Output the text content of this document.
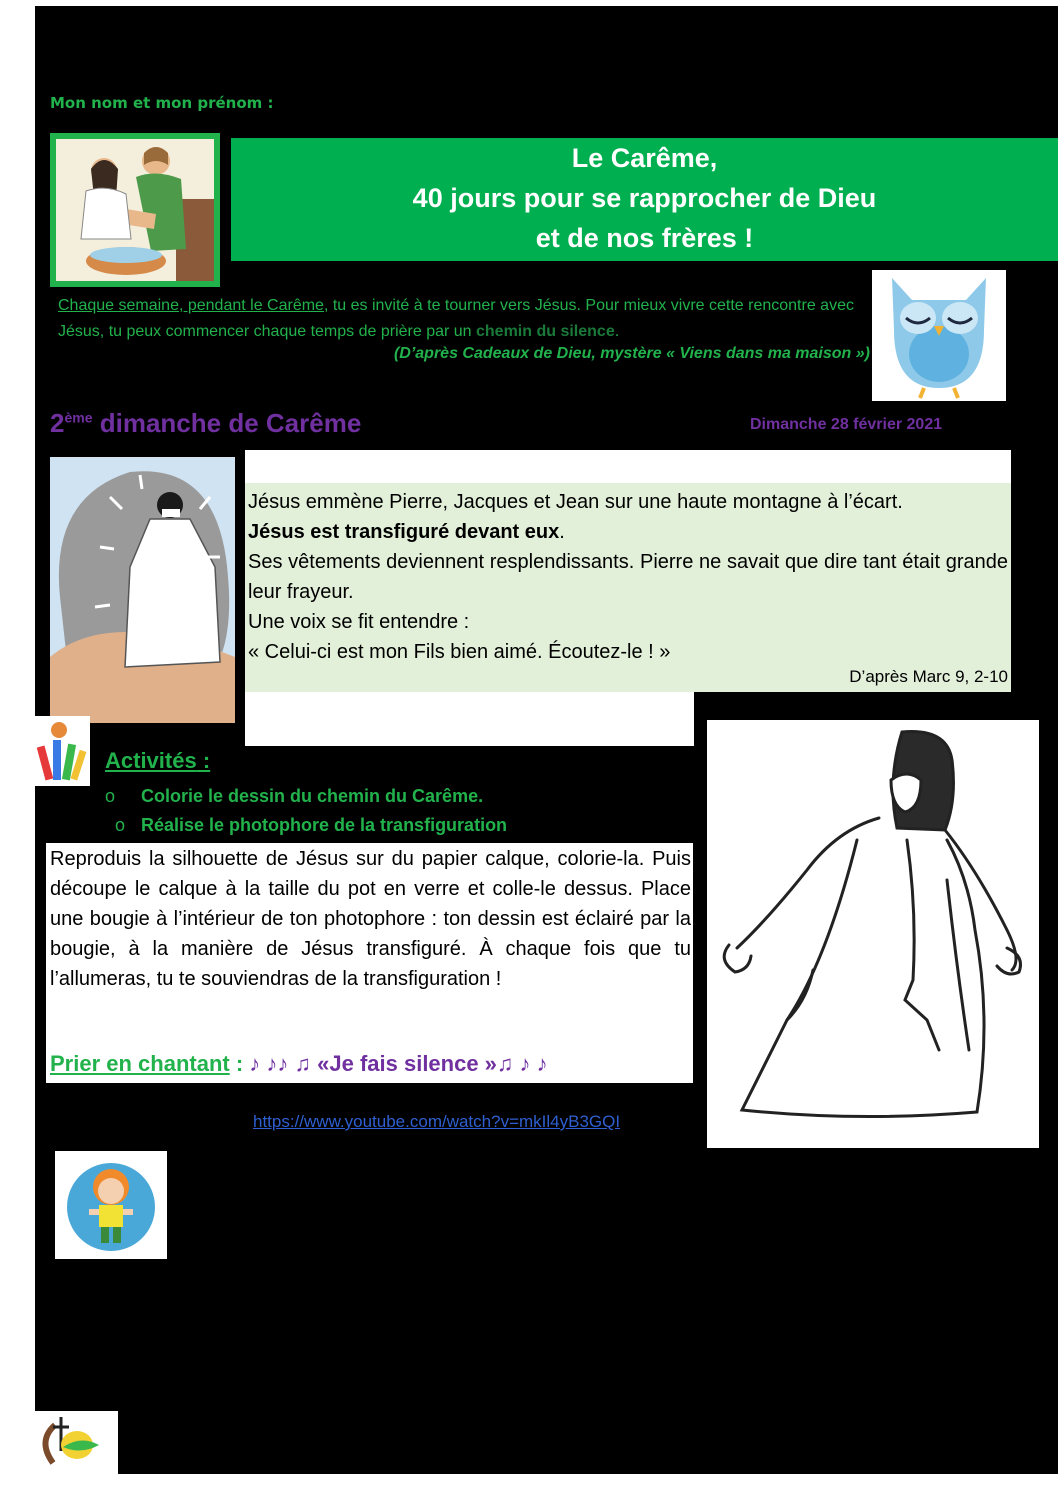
Mon nom et mon prénom :
Le Carême,
40 jours pour se rapprocher de Dieu
et de nos frères !
Chaque semaine, pendant le Carême, tu es invité à te tourner vers Jésus. Pour mieux vivre cette rencontre avec Jésus, tu peux commencer chaque temps de prière par un chemin du silence.
(D’après Cadeaux de Dieu, mystère « Viens dans ma maison »)
2ème dimanche de Carême	Dimanche 28 février 2021
Jésus emmène Pierre, Jacques et Jean sur une haute montagne à l’écart.
Jésus est transfiguré devant eux.
Ses vêtements deviennent resplendissants. Pierre ne savait que dire tant était grande leur frayeur.
Une voix se fit entendre :
« Celui-ci est mon Fils bien aimé. Écoutez-le ! »
D’après Marc 9, 2-10
Activités :
o Colorie le dessin du chemin du Carême.
o Réalise le photophore de la transfiguration
Reproduis la silhouette de Jésus sur du papier calque, colorie-la. Puis découpe le calque à la taille du pot en verre et colle-le dessus. Place une bougie à l’intérieur de ton photophore : ton dessin est éclairé par la bougie, à la manière de Jésus transfiguré. À chaque fois que tu l’allumeras, tu te souviendras de la transfiguration !
Prier en chantant : ♪ ♪♪ ♫ «Je fais silence »♫ ♪ ♪
https://www.youtube.com/watch?v=mkIl4yB3GQI
